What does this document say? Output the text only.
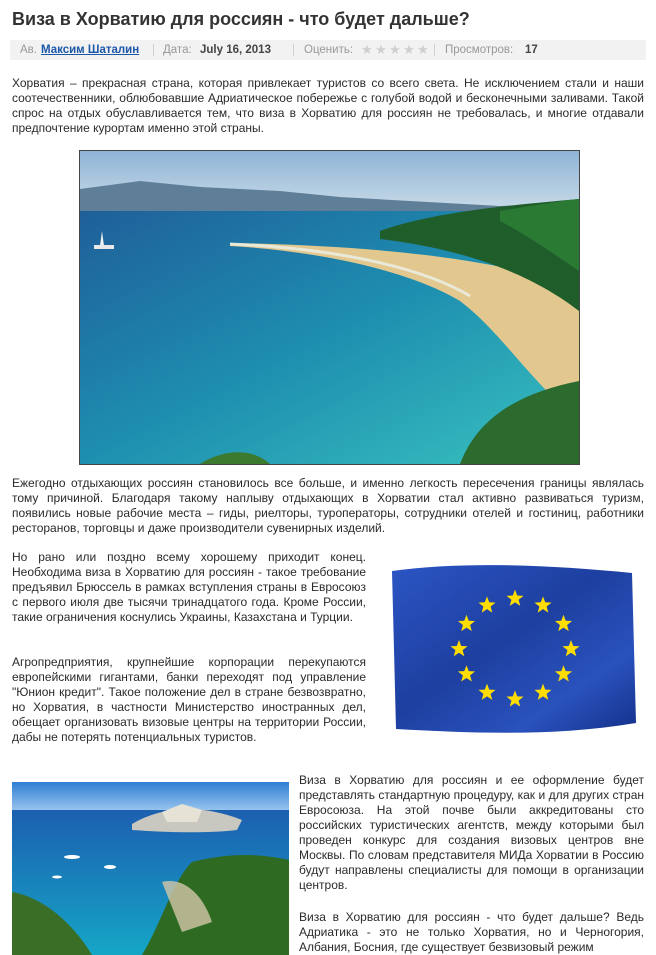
Виза в Хорватию для россиян - что будет дальше?
Ав. Максим Шаталин Дата: July 16, 2013	Оценить: ★ ★ ★ ★ ★ Просмотров: 17

Хорватия – прекрасная страна, которая привлекает туристов со всего света. Не исключением стали и наши соотечественники, облюбовавшие Адриатическое побережье с голубой водой и бесконечными заливами. Такой спрос на отдых обуславливается тем, что виза в Хорватию для россиян не требовалась, и многие отдавали предпочтение курортам именно этой страны.

Ежегодно отдыхающих россиян становилось все больше, и именно легкость пересечения границы являлась тому причиной. Благодаря такому наплыву отдыхающих в Хорватии стал активно развиваться туризм, появились новые рабочие места – гиды, риелторы, туроператоры, сотрудники отелей и гостиниц, работники ресторанов, торговцы и даже производители сувенирных изделий.

Но рано или поздно всему хорошему приходит конец. Необходима виза в Хорватию для россиян - такое требование предъявил Брюссель в рамках вступления страны в Евросоюз с первого июля две тысячи тринадцатого года. Кроме России, такие ограничения коснулись Украины, Казахстана и Турции.

Агропредприятия, крупнейшие корпорации перекупаются европейскими гигантами, банки переходят под управление "Юнион кредит". Такое положение дел в стране безвозвратно, но Хорватия, в частности Министерство иностранных дел, обещает организовать визовые центры на территории России, дабы не потерять потенциальных туристов.

Виза в Хорватию для россиян и ее оформление будет представлять стандартную процедуру, как и для других стран Евросоюза. На этой почве были аккредитованы сто российских туристических агентств, между которыми был проведен конкурс для создания визовых центров вне Москвы. По словам представителя МИДа Хорватии в Россию будут направлены специалисты для помощи в организации центров.

Виза в Хорватию для россиян - что будет дальше? Ведь Адриатика - это не только Хорватия, но и Черногория, Албания, Босния, где существует безвизовый режим
